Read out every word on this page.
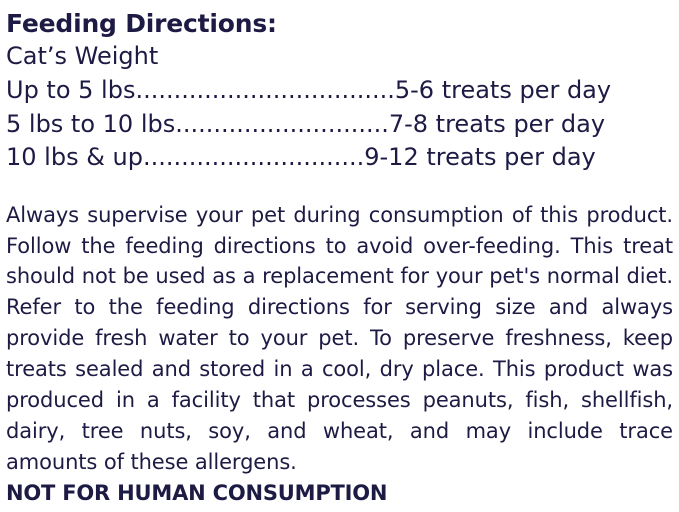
Feeding Directions:
Cat’s Weight
Up to 5 lbs .................................. 5-6 treats per day
5 lbs to 10 lbs ............................ 7-8 treats per day
10 lbs & up ............................. 9-12 treats per day
Always supervise your pet during consumption of this product. Follow the feeding directions to avoid over-feeding. This treat should not be used as a replacement for your pet's normal diet. Refer to the feeding directions for serving size and always provide fresh water to your pet. To preserve freshness, keep treats sealed and stored in a cool, dry place. This product was produced in a facility that processes peanuts, fish, shellfish, dairy, tree nuts, soy, and wheat, and may include trace amounts of these allergens.
NOT FOR HUMAN CONSUMPTION
